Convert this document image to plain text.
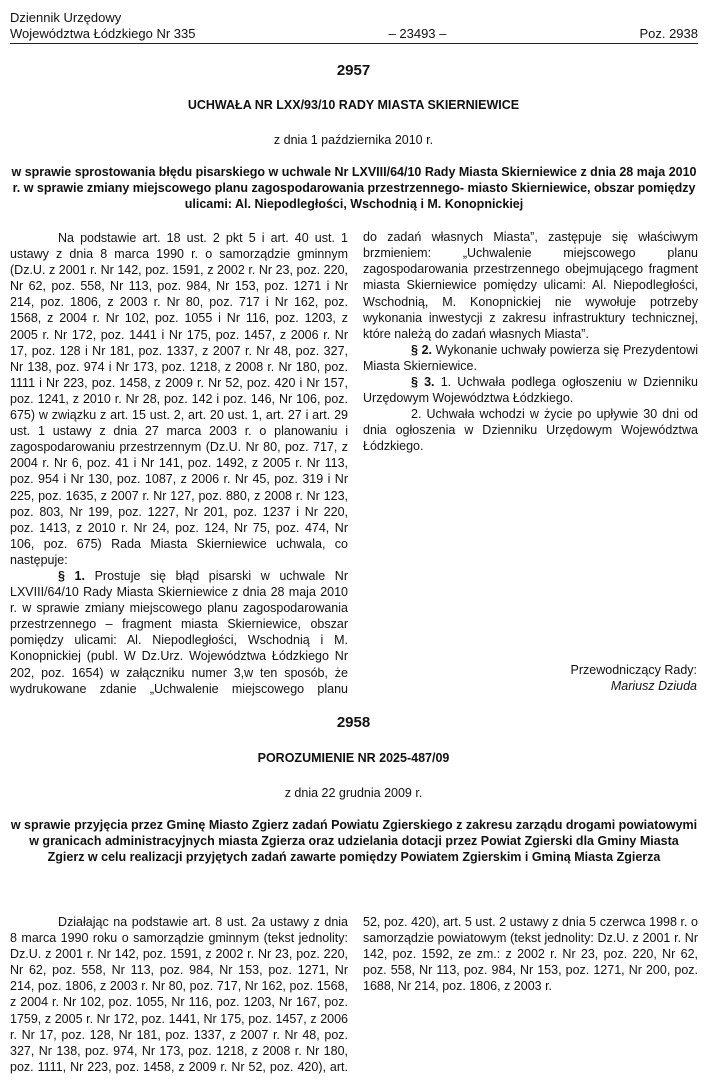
Dziennik Urzędowy
Województwa Łódzkiego Nr 335	– 23493 –	Poz. 2938
2957
UCHWAŁA NR LXX/93/10 RADY MIASTA SKIERNIEWICE
z dnia 1 października 2010 r.
w sprawie sprostowania błędu pisarskiego w uchwale Nr LXVIII/64/10 Rady Miasta Skierniewice z dnia 28 maja 2010 r. w sprawie zmiany miejscowego planu zagospodarowania przestrzennego- miasto Skierniewice, obszar pomiędzy ulicami: Al. Niepodległości, Wschodnią i M. Konopnickiej

Na podstawie art. 18 ust. 2 pkt 5 i art. 40 ust. 1 ustawy z dnia 8 marca 1990 r. o samorządzie gminnym (Dz.U. z 2001 r. Nr 142, poz. 1591, z 2002 r. Nr 23, poz. 220, Nr 62, poz. 558, Nr 113, poz. 984, Nr 153, poz. 1271 i Nr 214, poz. 1806, z 2003 r. Nr 80, poz. 717 i Nr 162, poz. 1568, z 2004 r. Nr 102, poz. 1055 i Nr 116, poz. 1203, z 2005 r. Nr 172, poz. 1441 i Nr 175, poz. 1457, z 2006 r. Nr 17, poz. 128 i Nr 181, poz. 1337, z 2007 r. Nr 48, poz. 327, Nr 138, poz. 974 i Nr 173, poz. 1218, z 2008 r. Nr 180, poz. 1111 i Nr 223, poz. 1458, z 2009 r. Nr 52, poz. 420 i Nr 157, poz. 1241, z 2010 r. Nr 28, poz. 142 i poz. 146, Nr 106, poz. 675) w związku z art. 15 ust. 2, art. 20 ust. 1, art. 27 i art. 29 ust. 1 ustawy z dnia 27 marca 2003 r. o planowaniu i zagospodarowaniu przestrzennym (Dz.U. Nr 80, poz. 717, z 2004 r. Nr 6, poz. 41 i Nr 141, poz. 1492, z 2005 r. Nr 113, poz. 954 i Nr 130, poz. 1087, z 2006 r. Nr 45, poz. 319 i Nr 225, poz. 1635, z 2007 r. Nr 127, poz. 880, z 2008 r. Nr 123, poz. 803, Nr 199, poz. 1227, Nr 201, poz. 1237 i Nr 220, poz. 1413, z 2010 r. Nr 24, poz. 124, Nr 75, poz. 474, Nr 106, poz. 675) Rada Miasta Skierniewice uchwala, co następuje:

§ 1. Prostuje się błąd pisarski w uchwale Nr LXVIII/64/10 Rady Miasta Skierniewice z dnia 28 maja 2010 r. w sprawie zmiany miejscowego planu zagospodarowania przestrzennego – fragment miasta Skierniewice, obszar pomiędzy ulicami: Al. Niepodległości, Wschodnią i M. Konopnickiej (publ. W Dz.Urz. Województwa Łódzkiego Nr 202, poz. 1654) w załączniku numer 3,w ten sposób, że wydrukowane zdanie „Uchwalenie miejscowego planu

do zadań własnych Miasta”, zastępuje się właściwym brzmieniem: „Uchwalenie miejscowego planu zagospodarowania przestrzennego obejmującego fragment miasta Skierniewice pomiędzy ulicami: Al. Niepodległości, Wschodnią, M. Konopnickiej nie wywołuje potrzeby wykonania inwestycji z zakresu infrastruktury technicznej, które należą do zadań własnych Miasta”.

§ 2. Wykonanie uchwały powierza się Prezydentowi Miasta Skierniewice.

§ 3. 1. Uchwała podlega ogłoszeniu w Dzienniku Urzędowym Województwa Łódzkiego.

2. Uchwała wchodzi w życie po upływie 30 dni od dnia ogłoszenia w Dzienniku Urzędowym Województwa Łódzkiego.

Przewodniczący Rady:
Mariusz Dziuda
2958
POROZUMIENIE NR 2025-487/09
z dnia 22 grudnia 2009 r.
w sprawie przyjęcia przez Gminę Miasto Zgierz zadań Powiatu Zgierskiego z zakresu zarządu drogami powiatowymi w granicach administracyjnych miasta Zgierza oraz udzielania dotacji przez Powiat Zgierski dla Gminy Miasta Zgierz w celu realizacji przyjętych zadań zawarte pomiędzy Powiatem Zgierskim i Gminą Miasta Zgierza

Działając na podstawie art. 8 ust. 2a ustawy z dnia 8 marca 1990 roku o samorządzie gminnym (tekst jednolity: Dz.U. z 2001 r. Nr 142, poz. 1591, z 2002 r. Nr 23, poz. 220, Nr 62, poz. 558, Nr 113, poz. 984, Nr 153, poz. 1271, Nr 214, poz. 1806, z 2003 r. Nr 80, poz. 717, Nr 162, poz. 1568, z 2004 r. Nr 102, poz. 1055, Nr 116, poz. 1203, Nr 167, poz. 1759, z 2005 r. Nr 172, poz. 1441, Nr 175, poz. 1457, z 2006 r. Nr 17, poz. 128, Nr 181, poz. 1337, z 2007 r. Nr 48, poz. 327, Nr 138, poz. 974, Nr 173, poz. 1218, z 2008 r. Nr 180, poz. 1111, Nr 223, poz. 1458, z 2009 r. Nr 52, poz. 420), art.

52, poz. 420), art. 5 ust. 2 ustawy z dnia 5 czerwca 1998 r. o samorządzie powiatowym (tekst jednolity: Dz.U. z 2001 r. Nr 142, poz. 1592, ze zm.: z 2002 r. Nr 23, poz. 220, Nr 62, poz. 558, Nr 113, poz. 984, Nr 153, poz. 1271, Nr 200, poz. 1688, Nr 214, poz. 1806, z 2003 r.
